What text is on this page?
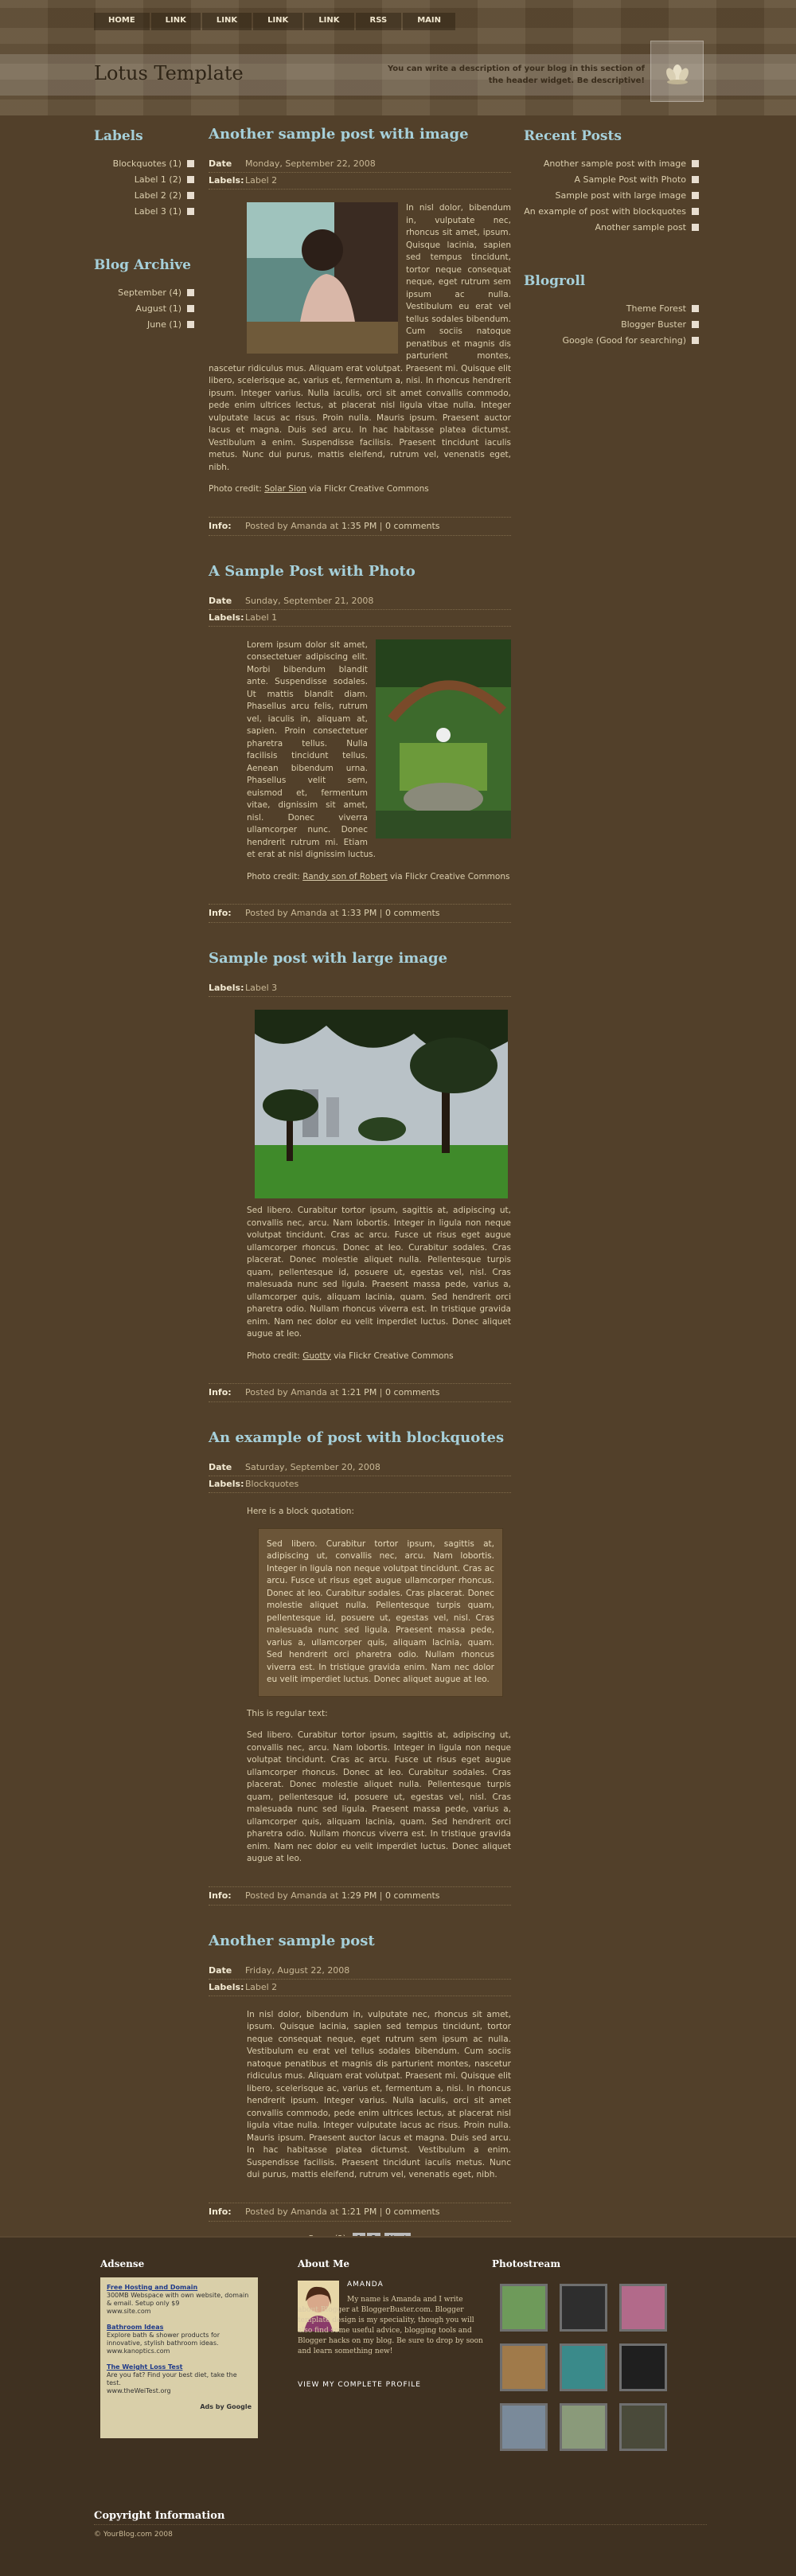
HOME	LINK	LINK	LINK	LINK	RSS	MAIN
Lotus Template	You can write a description of your blog in this section of the header widget. Be descriptive!
Labels
Blockquotes (1)
Label 1 (2)
Label 2 (2)
Label 3 (1)
Blog Archive
September (4)
August (1)
June (1)
Recent Posts
Another sample post with image
A Sample Post with Photo
Sample post with large image
An example of post with blockquotes
Another sample post
Blogroll
Theme Forest
Blogger Buster
Google (Good for searching)
Another sample post with image
Date	Monday, September 22, 2008
Labels: Label 2

In nisl dolor, bibendum in, vulputate nec, rhoncus sit amet, ipsum. Quisque lacinia, sapien sed tempus tincidunt, tortor neque consequat neque, eget rutrum sem ipsum ac nulla. Vestibulum eu erat vel tellus sodales bibendum. Cum sociis natoque penatibus et magnis dis parturient montes, nascetur ridiculus mus. Aliquam erat volutpat. Praesent mi. Quisque elit libero, scelerisque ac, varius et, fermentum a, nisi. In rhoncus hendrerit ipsum. Integer varius. Nulla iaculis, orci sit amet convallis commodo, pede enim ultrices lectus, at placerat nisl ligula vitae nulla. Integer vulputate lacus ac risus. Proin nulla. Mauris ipsum. Praesent auctor lacus et magna. Duis sed arcu. In hac habitasse platea dictumst. Vestibulum a enim. Suspendisse facilisis. Praesent tincidunt iaculis metus. Nunc dui purus, mattis eleifend, rutrum vel, venenatis eget, nibh.

Photo credit: Solar Sion via Flickr Creative Commons

Info:	Posted by Amanda at 1:35 PM | 0 comments
A Sample Post with Photo
Date	Sunday, September 21, 2008
Labels: Label 1

Lorem ipsum dolor sit amet, consectetuer adipiscing elit. Morbi bibendum blandit ante. Suspendisse sodales. Ut mattis blandit diam. Phasellus arcu felis, rutrum vel, iaculis in, aliquam at, sapien. Proin consectetuer pharetra tellus. Nulla facilisis tincidunt tellus. Aenean bibendum urna. Phasellus velit sem, euismod et, fermentum vitae, dignissim sit amet, nisl. Donec viverra ullamcorper nunc. Donec hendrerit rutrum mi. Etiam et erat at nisl dignissim luctus.

Photo credit: Randy son of Robert via Flickr Creative Commons

Info:	Posted by Amanda at 1:33 PM | 0 comments
Sample post with large image
Labels: Label 3

Sed libero. Curabitur tortor ipsum, sagittis at, adipiscing ut, convallis nec, arcu. Nam lobortis. Integer in ligula non neque volutpat tincidunt. Cras ac arcu. Fusce ut risus eget augue ullamcorper rhoncus. Donec at leo. Curabitur sodales. Cras placerat. Donec molestie aliquet nulla. Pellentesque turpis quam, pellentesque id, posuere ut, egestas vel, nisl. Cras malesuada nunc sed ligula. Praesent massa pede, varius a, ullamcorper quis, aliquam lacinia, quam. Sed hendrerit orci pharetra odio. Nullam rhoncus viverra est. In tristique gravida enim. Nam nec dolor eu velit imperdiet luctus. Donec aliquet augue at leo.

Photo credit: Guotty via Flickr Creative Commons

Info:	Posted by Amanda at 1:21 PM | 0 comments
An example of post with blockquotes
Date	Saturday, September 20, 2008
Labels: Blockquotes

Here is a block quotation:

Sed libero. Curabitur tortor ipsum, sagittis at, adipiscing ut, convallis nec, arcu. Nam lobortis. Integer in ligula non neque volutpat tincidunt. Cras ac arcu. Fusce ut risus eget augue ullamcorper rhoncus. Donec at leo. Curabitur sodales. Cras placerat. Donec molestie aliquet nulla. Pellentesque turpis quam, pellentesque id, posuere ut, egestas vel, nisl. Cras malesuada nunc sed ligula. Praesent massa pede, varius a, ullamcorper quis, aliquam lacinia, quam. Sed hendrerit orci pharetra odio. Nullam rhoncus viverra est. In tristique gravida enim. Nam nec dolor eu velit imperdiet luctus. Donec aliquet augue at leo.

This is regular text:

Sed libero. Curabitur tortor ipsum, sagittis at, adipiscing ut, convallis nec, arcu. Nam lobortis. Integer in ligula non neque volutpat tincidunt. Cras ac arcu. Fusce ut risus eget augue ullamcorper rhoncus. Donec at leo. Curabitur sodales. Cras placerat. Donec molestie aliquet nulla. Pellentesque turpis quam, pellentesque id, posuere ut, egestas vel, nisl. Cras malesuada nunc sed ligula. Praesent massa pede, varius a, ullamcorper quis, aliquam lacinia, quam. Sed hendrerit orci pharetra odio. Nullam rhoncus viverra est. In tristique gravida enim. Nam nec dolor eu velit imperdiet luctus. Donec aliquet augue at leo.

Info:	Posted by Amanda at 1:29 PM | 0 comments
Another sample post
Date	Friday, August 22, 2008
Labels: Label 2

In nisl dolor, bibendum in, vulputate nec, rhoncus sit amet, ipsum. Quisque lacinia, sapien sed tempus tincidunt, tortor neque consequat neque, eget rutrum sem ipsum ac nulla. Vestibulum eu erat vel tellus sodales bibendum. Cum sociis natoque penatibus et magnis dis parturient montes, nascetur ridiculus mus. Aliquam erat volutpat. Praesent mi. Quisque elit libero, scelerisque ac, varius et, fermentum a, nisi. In rhoncus hendrerit ipsum. Integer varius. Nulla iaculis, orci sit amet convallis commodo, pede enim ultrices lectus, at placerat nisl ligula vitae nulla. Integer vulputate lacus ac risus. Proin nulla. Mauris ipsum. Praesent auctor lacus et magna. Duis sed arcu. In hac habitasse platea dictumst. Vestibulum a enim. Suspendisse facilisis. Praesent tincidunt iaculis metus. Nunc dui purus, mattis eleifend, rutrum vel, venenatis eget, nibh.

Info:	Posted by Amanda at 1:21 PM | 0 comments

Adsense
Free Hosting and Domain
300MB Webspace with own website, domain & email. Setup only $9
www.site.com
Bathroom Ideas
Explore bath & shower products for innovative, stylish bathroom ideas.
www.kanoptics.com
The Weight Loss Test
Are you fat? Find your best diet, take the test.
www.theWeiTest.org
Ads by Google
About Me
AMANDA
My name is Amanda and I write about Blogger at BloggerBuster.com. Blogger template design is my speciality, though you will also find some useful advice, blogging tools and Blogger hacks on my blog. Be sure to drop by soon and learn something new!
VIEW MY COMPLETE PROFILE
Photostream
Copyright Information
© YourBlog.com 2008
